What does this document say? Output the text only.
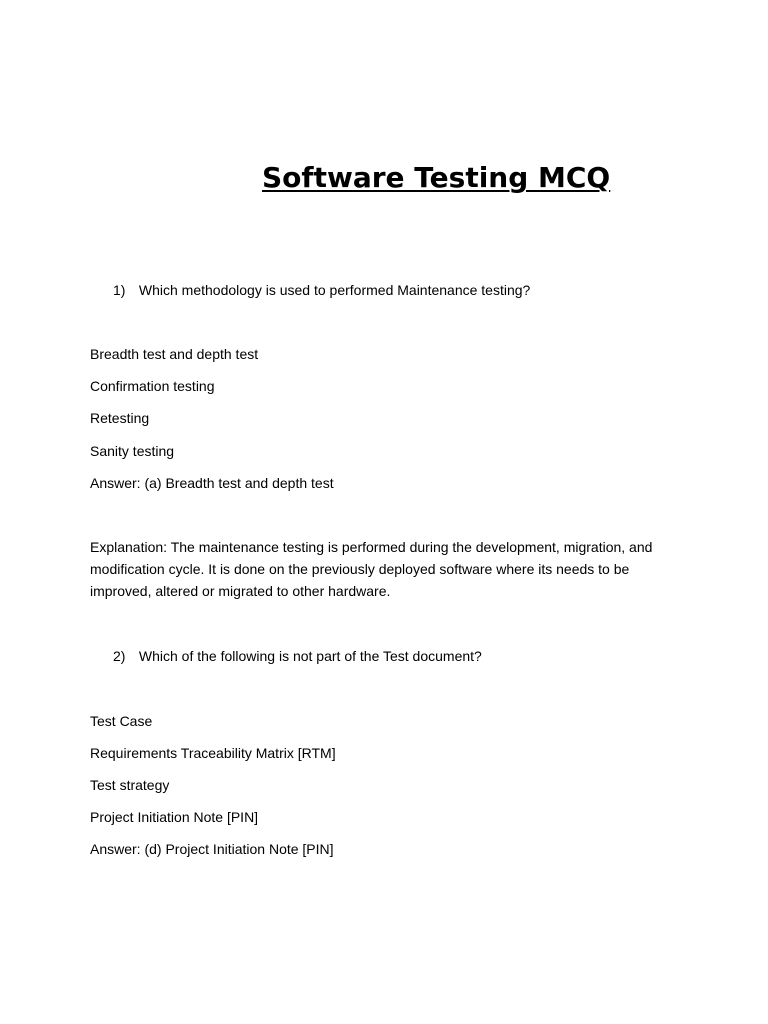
Software Testing MCQ
1) Which methodology is used to performed Maintenance testing?
Breadth test and depth test
Confirmation testing
Retesting
Sanity testing
Answer: (a) Breadth test and depth test
Explanation: The maintenance testing is performed during the development, migration, and modification cycle. It is done on the previously deployed software where its needs to be improved, altered or migrated to other hardware.
2) Which of the following is not part of the Test document?
Test Case
Requirements Traceability Matrix [RTM]
Test strategy
Project Initiation Note [PIN]
Answer: (d) Project Initiation Note [PIN]
